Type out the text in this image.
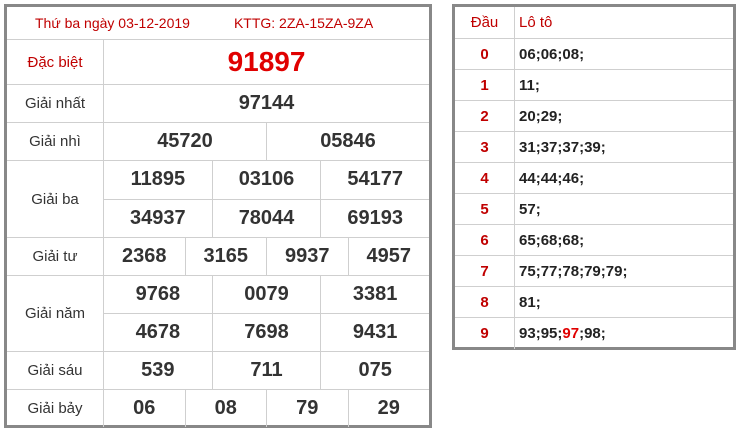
Thứ ba ngày 03-12-2019	KTTG: 2ZA-15ZA-9ZA
Đặc biệt	91897
Giải nhất	97144
Giải nhì	45720	05846
Giải ba
11895	03106	54177
34937	78044	69193
Giải tư	2368	3165	9937	4957
Giải năm
9768	0079	3381
4678	7698	9431
Giải sáu	539	711	075
Giải bảy	06	08	79	29
Đầu	Lô tô
0	06 ; 06 ; 08 ;
1	11 ;
2	20 ; 29 ;
3	31 ; 37 ; 37 ; 39 ;
4	44 ; 44 ; 46 ;
5	57 ;
6	65 ; 68 ; 68 ;
7	75 ; 77 ; 78 ; 79 ; 79 ;
8	81 ;
9	93 ; 95 ; 97 ; 98 ;
